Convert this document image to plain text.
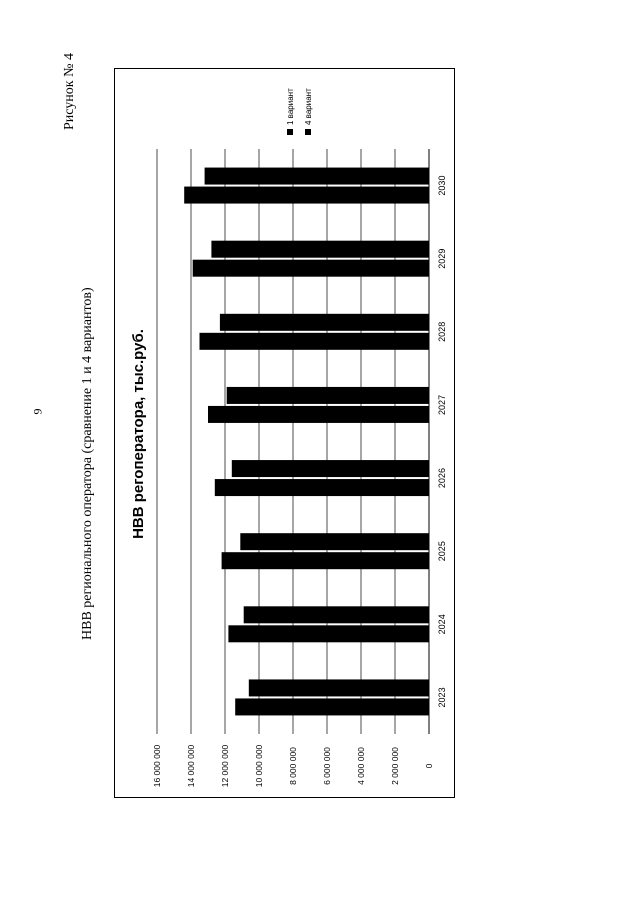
9
Рисунок № 4
НВВ регионального оператора (сравнение 1 и 4 вариантов)
0
2 000 000
4 000 000
6 000 000
8 000 000
10 000 000
12 000 000
14 000 000
16 000 000
2023
2024
2025
2026
2027
2028
2029
2030
НВВ регоператора, тыс.руб.
1 вариант 4 вариант
